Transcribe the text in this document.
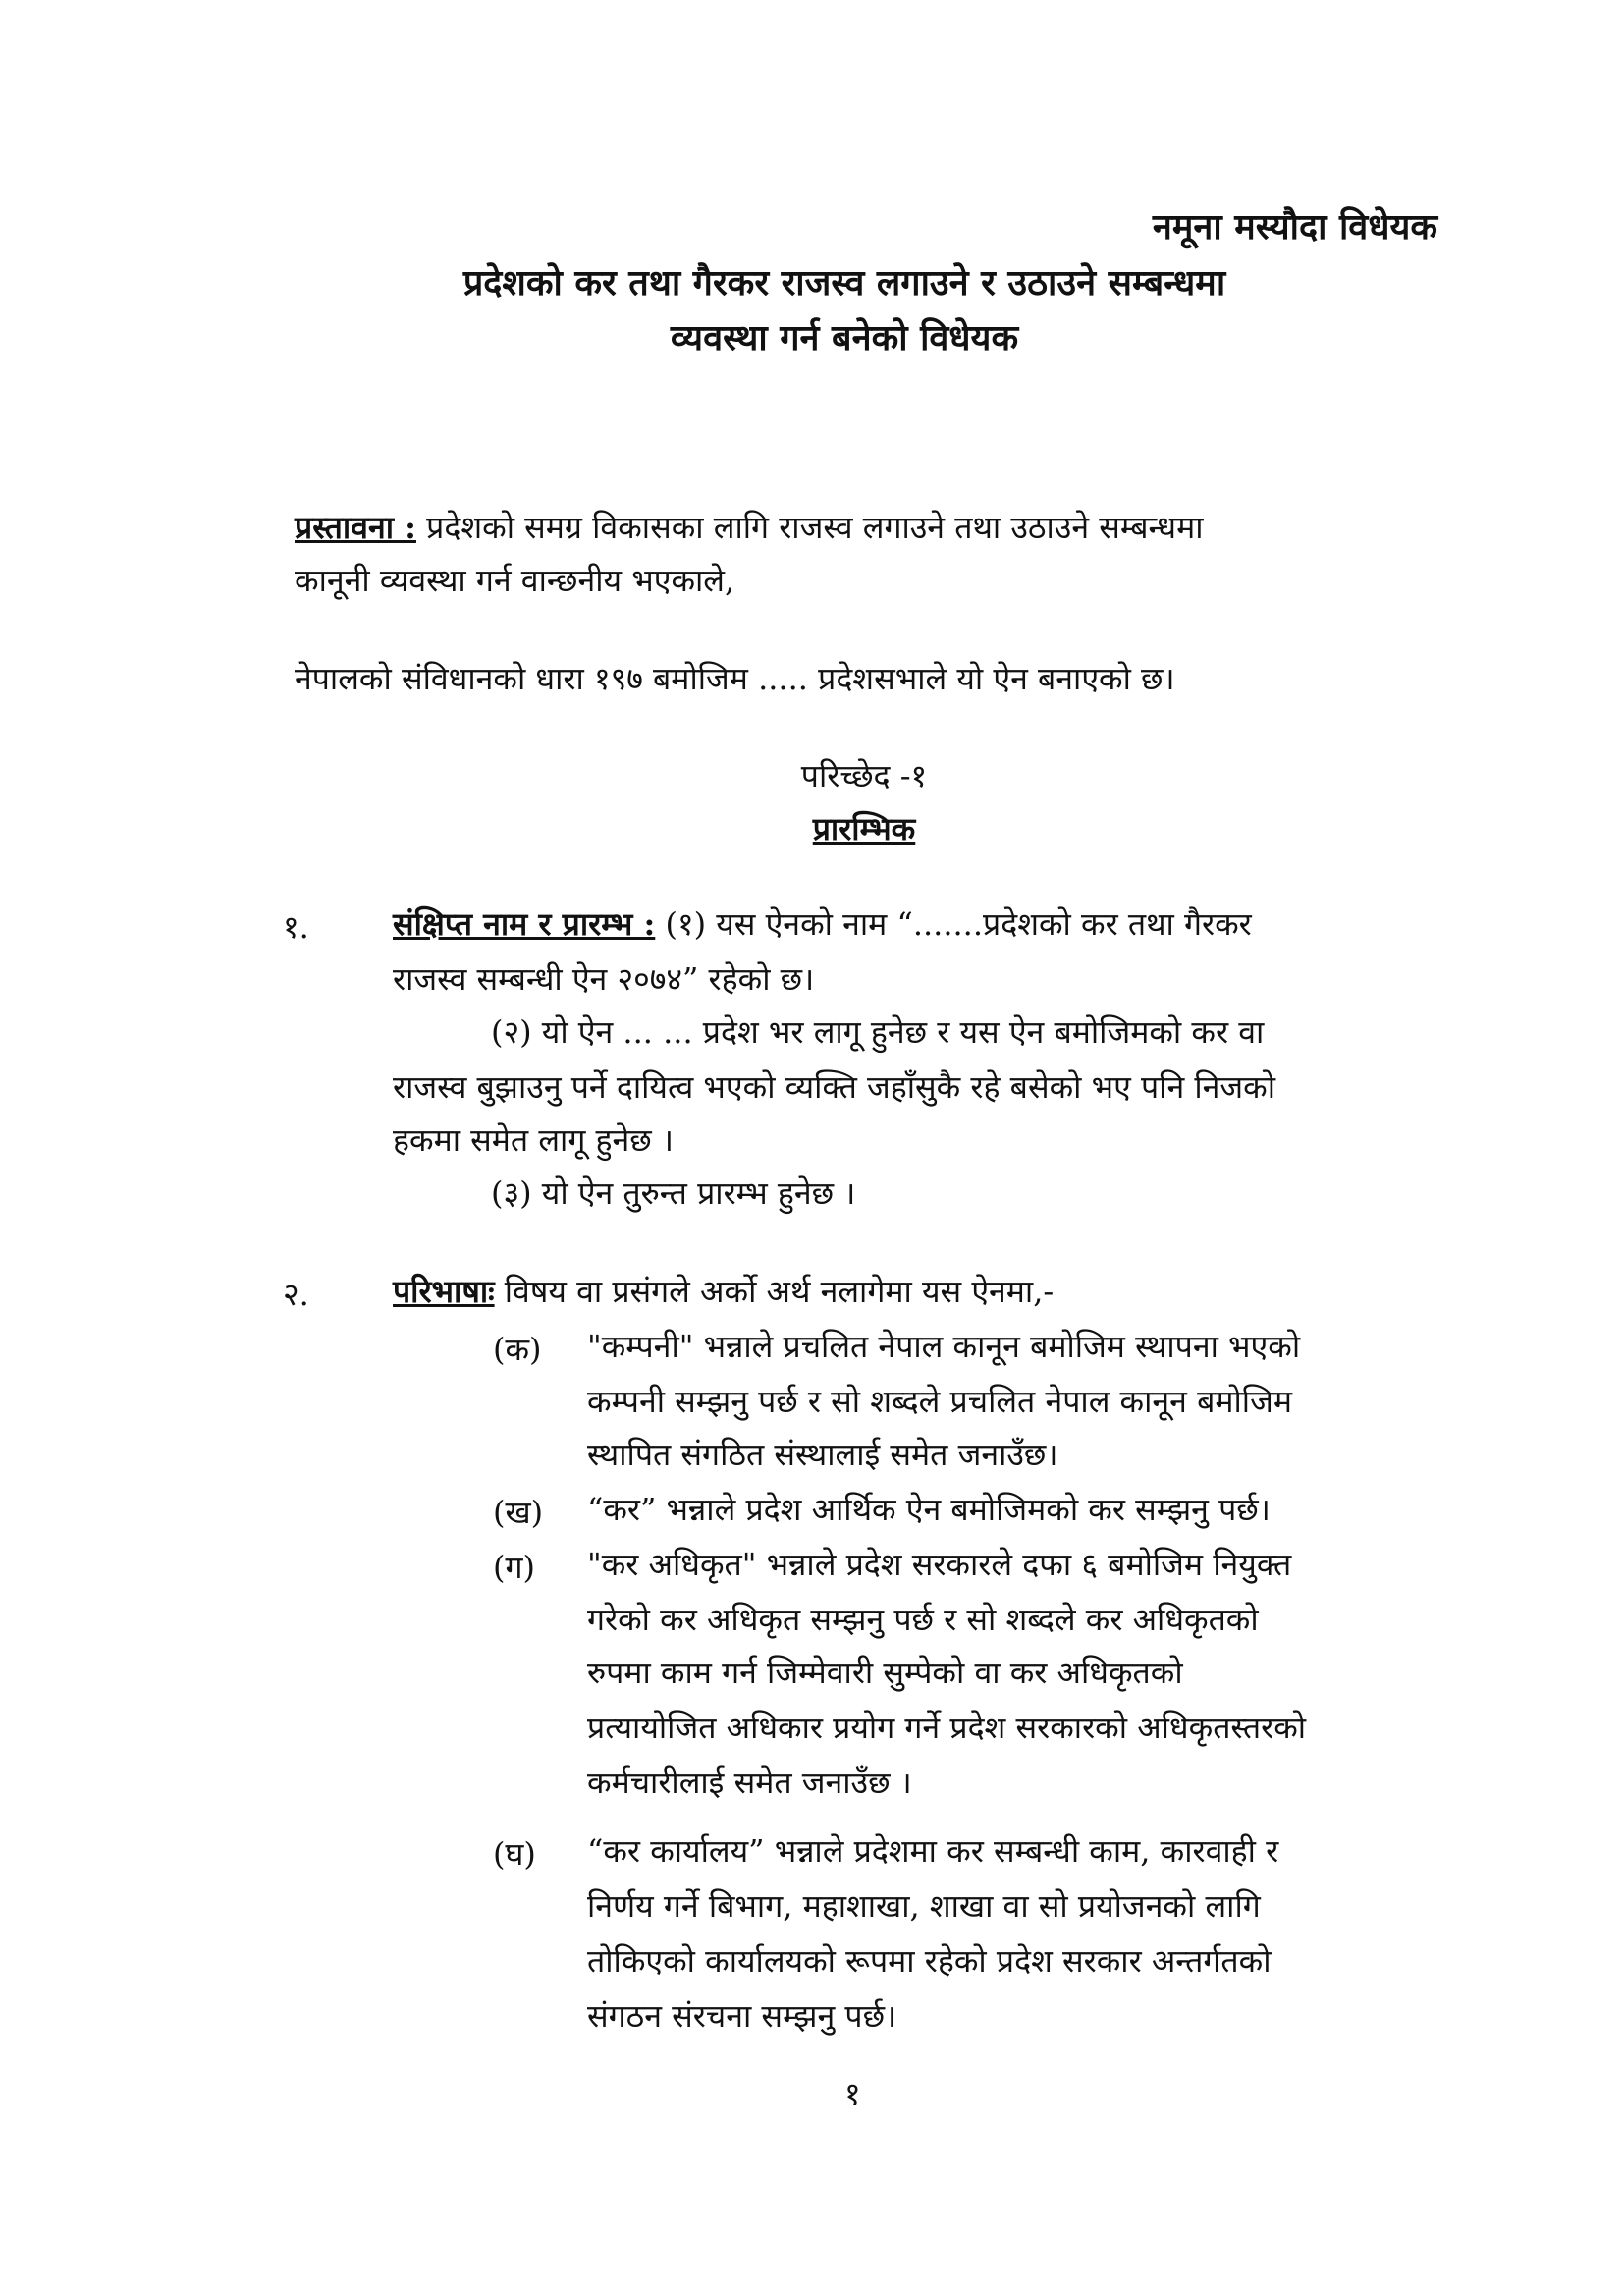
नमूना मस्यौदा विधेयक
प्रदेशको कर तथा गैरकर राजस्व लगाउने र उठाउने सम्बन्धमा
व्यवस्था गर्न बनेको विधेयक
प्रस्तावना : प्रदेशको समग्र विकासका लागि राजस्व लगाउने तथा उठाउने सम्बन्धमा
कानूनी व्यवस्था गर्न वान्छनीय भएकाले,
नेपालको संविधानको धारा १९७ बमोजिम ..... प्रदेशसभाले यो ऐन बनाएको छ।
परिच्छेद -१
प्रारम्भिक
१.	संक्षिप्त नाम र प्रारम्भ : (१) यस ऐनको नाम “.......प्रदेशको कर तथा गैरकर
राजस्व सम्बन्धी ऐन २०७४” रहेको छ।
(२) यो ऐन ... ... प्रदेश भर लागू हुनेछ र यस ऐन बमोजिमको कर वा
राजस्व बुझाउनु पर्ने दायित्व भएको व्यक्ति जहाँसुकै रहे बसेको भए पनि निजको
हकमा समेत लागू हुनेछ ।
(३) यो ऐन तुरुन्त प्रारम्भ हुनेछ ।
२.	परिभाषाः विषय वा प्रसंगले अर्को अर्थ नलागेमा यस ऐनमा,-
(क) "कम्पनी" भन्नाले प्रचलित नेपाल कानून बमोजिम स्थापना भएको
कम्पनी सम्झनु पर्छ र सो शब्दले प्रचलित नेपाल कानून बमोजिम
स्थापित संगठित संस्थालाई समेत जनाउँछ।
(ख) “कर” भन्नाले प्रदेश आर्थिक ऐन बमोजिमको कर सम्झनु पर्छ।
(ग) "कर अधिकृत" भन्नाले प्रदेश सरकारले दफा ६ बमोजिम नियुक्त
गरेको कर अधिकृत सम्झनु पर्छ र सो शब्दले कर अधिकृतको
रुपमा काम गर्न जिम्मेवारी सुम्पेको वा कर अधिकृतको
प्रत्यायोजित अधिकार प्रयोग गर्ने प्रदेश सरकारको अधिकृतस्तरको
कर्मचारीलाई समेत जनाउँछ ।
(घ) “कर कार्यालय” भन्नाले प्रदेशमा कर सम्बन्धी काम, कारवाही र
निर्णय गर्ने बिभाग, महाशाखा, शाखा वा सो प्रयोजनको लागि
तोकिएको कार्यालयको रूपमा रहेको प्रदेश सरकार अन्तर्गतको
संगठन संरचना सम्झनु पर्छ।
१
